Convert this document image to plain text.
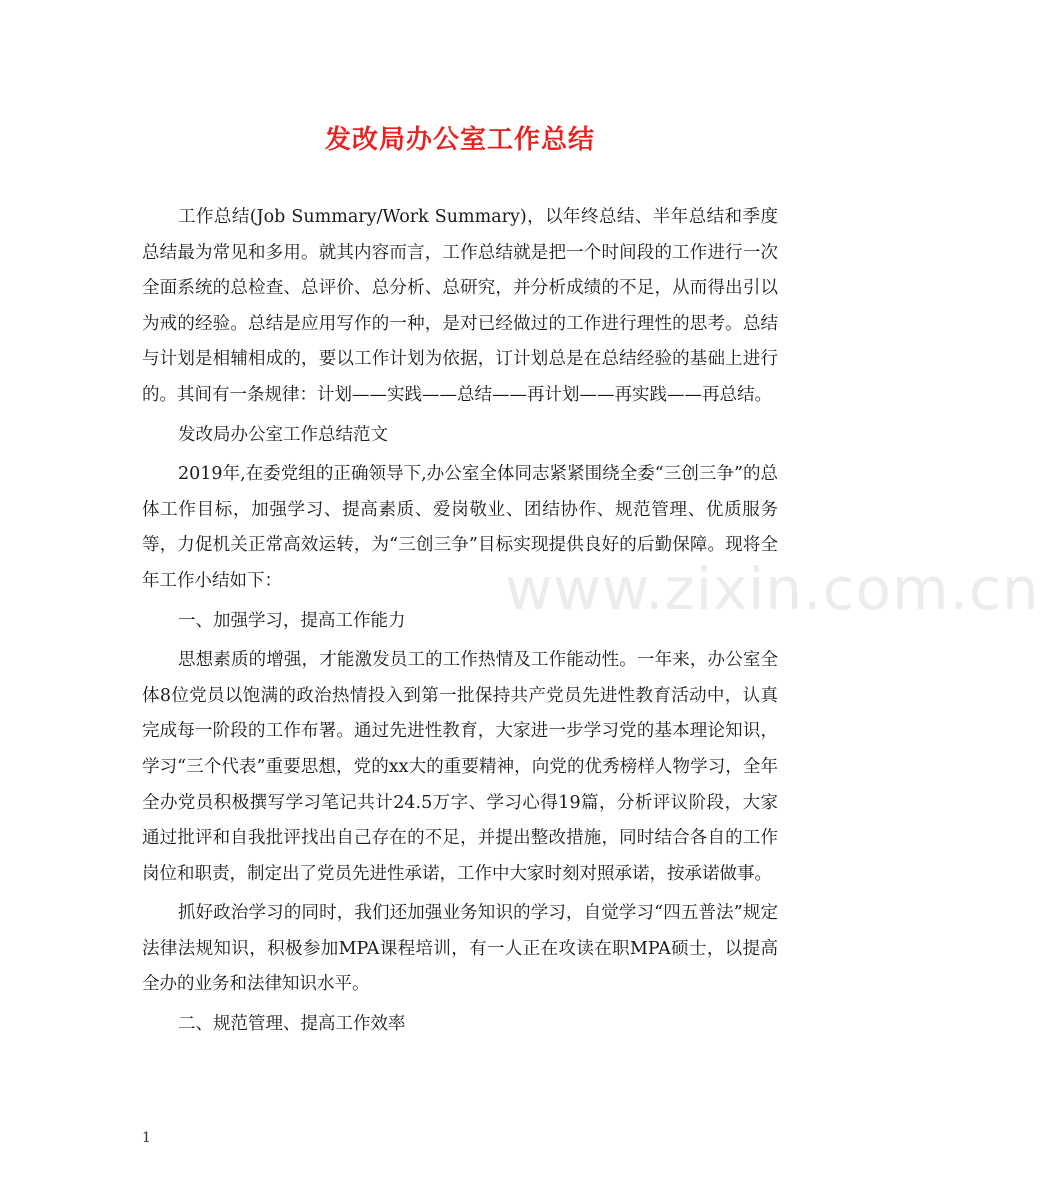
发改局办公室工作总结

工作总结(Job Summary/Work Summary)，以年终总结、半年总结和季度总结最为常见和多用。就其内容而言，工作总结就是把一个时间段的工作进行一次全面系统的总检查、总评价、总分析、总研究，并分析成绩的不足，从而得出引以为戒的经验。总结是应用写作的一种，是对已经做过的工作进行理性的思考。总结与计划是相辅相成的，要以工作计划为依据，订计划总是在总结经验的基础上进行的。其间有一条规律：计划——实践——总结——再计划——再实践——再总结。

发改局办公室工作总结范文

2019年,在委党组的正确领导下,办公室全体同志紧紧围绕全委“三创三争”的总体工作目标，加强学习、提高素质、爱岗敬业、团结协作、规范管理、优质服务等，力促机关正常高效运转，为“三创三争”目标实现提供良好的后勤保障。现将全年工作小结如下：

一、加强学习，提高工作能力

思想素质的增强，才能激发员工的工作热情及工作能动性。一年来，办公室全体8位党员以饱满的政治热情投入到第一批保持共产党员先进性教育活动中，认真完成每一阶段的工作布署。通过先进性教育，大家进一步学习党的基本理论知识，学习“三个代表”重要思想，党的xx大的重要精神，向党的优秀榜样人物学习，全年全办党员积极撰写学习笔记共计24.5万字、学习心得19篇，分析评议阶段，大家通过批评和自我批评找出自己存在的不足，并提出整改措施，同时结合各自的工作岗位和职责，制定出了党员先进性承诺，工作中大家时刻对照承诺，按承诺做事。

抓好政治学习的同时，我们还加强业务知识的学习，自觉学习“四五普法”规定法律法规知识，积极参加MPA课程培训，有一人正在攻读在职MPA硕士，以提高全办的业务和法律知识水平。

二、规范管理、提高工作效率

www.zixin.com.cn
1
